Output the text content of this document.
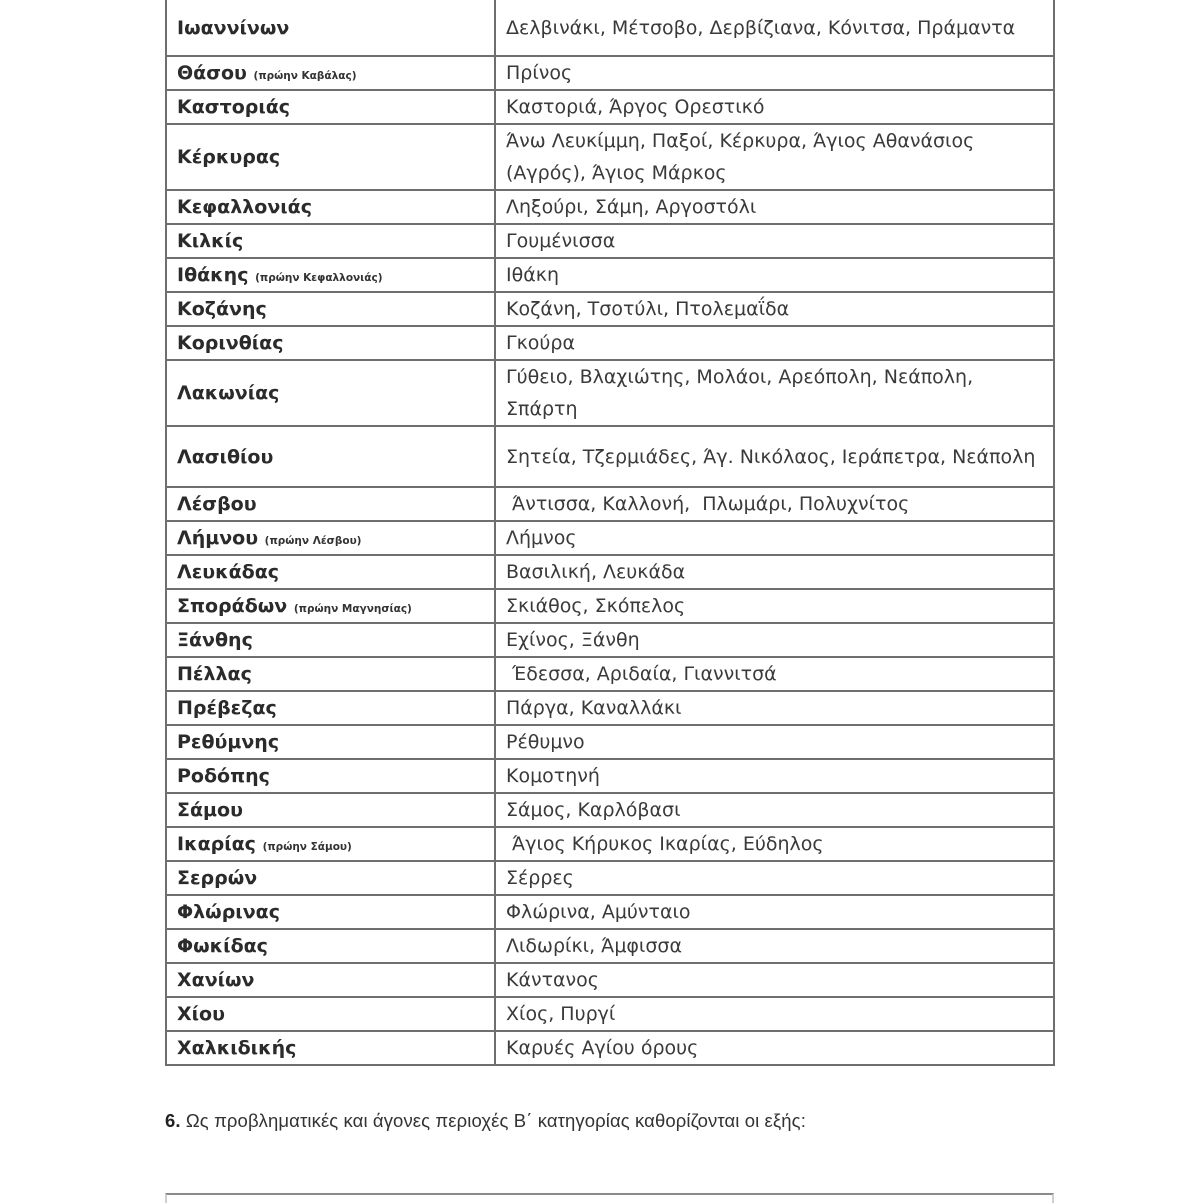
Ιωαννίνων	Δελβινάκι, Μέτσοβο, Δερβίζιανα, Κόνιτσα, Πράμαντα
Θάσου (πρώην Καβάλας)	Πρίνος
Καστοριάς	Καστοριά, Άργος Ορεστικό
Κέρκυρας	Άνω Λευκίμμη, Παξοί, Κέρκυρα, Άγιος Αθανάσιος (Αγρός), Άγιος Μάρκος
Κεφαλλονιάς	Ληξούρι, Σάμη, Αργοστόλι
Κιλκίς	Γουμένισσα
Ιθάκης (πρώην Κεφαλλονιάς)	Ιθάκη
Κοζάνης	Κοζάνη, Τσοτύλι, Πτολεμαΐδα
Κορινθίας	Γκούρα
Λακωνίας	Γύθειο, Βλαχιώτης, Μολάοι, Αρεόπολη, Νεάπολη, Σπάρτη
Λασιθίου	Σητεία, Τζερμιάδες, Άγ. Νικόλαος, Ιεράπετρα, Νεάπολη
Λέσβου	Άντισσα, Καλλονή,  Πλωμάρι, Πολυχνίτος
Λήμνου (πρώην Λέσβου)	Λήμνος
Λευκάδας	Βασιλική, Λευκάδα
Σποράδων (πρώην Μαγνησίας)	Σκιάθος, Σκόπελος
Ξάνθης	Εχίνος, Ξάνθη
Πέλλας	Έδεσσα, Αριδαία, Γιαννιτσά
Πρέβεζας	Πάργα, Καναλλάκι
Ρεθύμνης	Ρέθυμνο
Ροδόπης	Κομοτηνή
Σάμου	Σάμος, Καρλόβασι
Ικαρίας (πρώην Σάμου)	Άγιος Κήρυκος Ικαρίας, Εύδηλος
Σερρών	Σέρρες
Φλώρινας	Φλώρινα, Αμύνταιο
Φωκίδας	Λιδωρίκι, Άμφισσα
Χανίων	Κάντανος
Χίου	Χίος, Πυργί
Χαλκιδικής	Καρυές Αγίου όρους
6. Ως προβληματικές και άγονες περιοχές Β΄ κατηγορίας καθορίζονται οι εξής:
